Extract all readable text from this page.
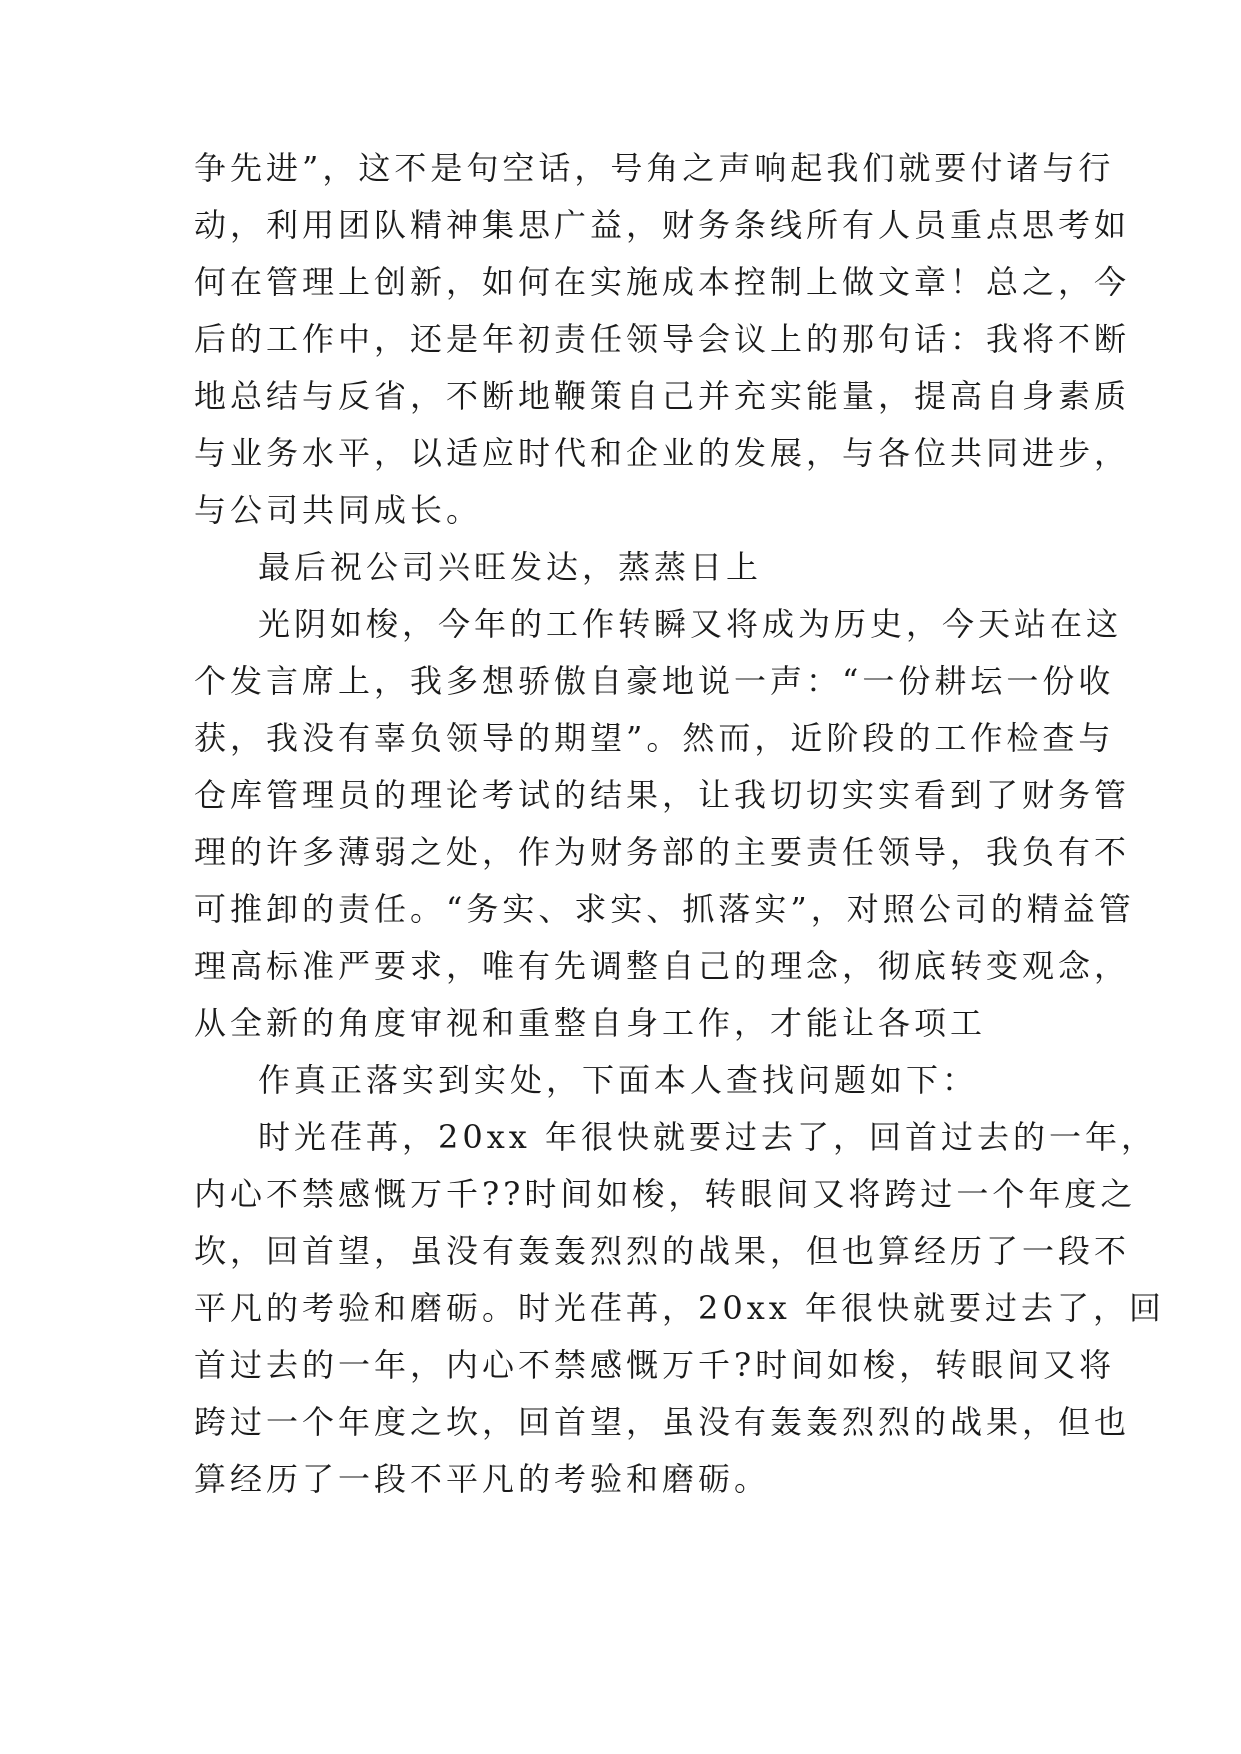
争先进”，这不是句空话，号角之声响起我们就要付诸与行
动，利用团队精神集思广益，财务条线所有人员重点思考如
何在管理上创新，如何在实施成本控制上做文章！总之，今
后的工作中，还是年初责任领导会议上的那句话：我将不断
地总结与反省，不断地鞭策自己并充实能量，提高自身素质
与业务水平，以适应时代和企业的发展，与各位共同进步，
与公司共同成长。
最后祝公司兴旺发达，蒸蒸日上
光阴如梭，今年的工作转瞬又将成为历史，今天站在这
个发言席上，我多想骄傲自豪地说一声：“一份耕坛一份收
获，我没有辜负领导的期望”。然而，近阶段的工作检查与
仓库管理员的理论考试的结果，让我切切实实看到了财务管
理的许多薄弱之处，作为财务部的主要责任领导，我负有不
可推卸的责任。“务实、求实、抓落实”，对照公司的精益管
理高标准严要求，唯有先调整自己的理念，彻底转变观念，
从全新的角度审视和重整自身工作，才能让各项工
作真正落实到实处，下面本人查找问题如下：
时光荏苒，20xx 年很快就要过去了，回首过去的一年，
内心不禁感慨万千??时间如梭，转眼间又将跨过一个年度之
坎，回首望，虽没有轰轰烈烈的战果，但也算经历了一段不
平凡的考验和磨砺。时光荏苒，20xx 年很快就要过去了，回
首过去的一年，内心不禁感慨万千?时间如梭，转眼间又将
跨过一个年度之坎，回首望，虽没有轰轰烈烈的战果，但也
算经历了一段不平凡的考验和磨砺。
